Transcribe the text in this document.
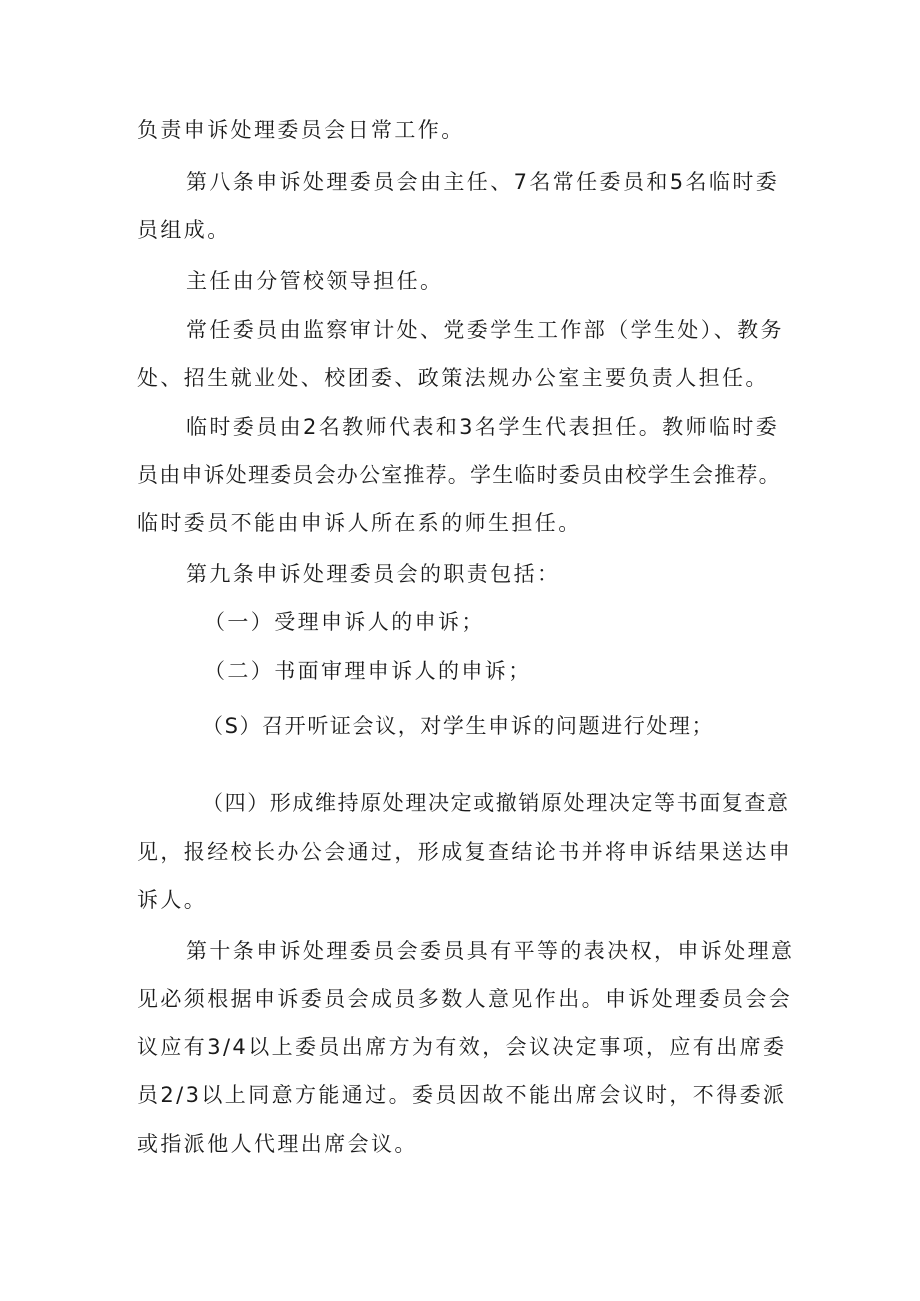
负责申诉处理委员会日常工作。
第八条申诉处理委员会由主任、7名常任委员和5名临时委
员组成。
主任由分管校领导担任。
常任委员由监察审计处、党委学生工作部（学生处）、教务
处、招生就业处、校团委、政策法规办公室主要负责人担任。
临时委员由2名教师代表和3名学生代表担任。教师临时委
员由申诉处理委员会办公室推荐。学生临时委员由校学生会推荐。
临时委员不能由申诉人所在系的师生担任。
第九条申诉处理委员会的职责包括：
（一）受理申诉人的申诉；
（二）书面审理申诉人的申诉；
（S）召开听证会议，对学生申诉的问题进行处理；
（四）形成维持原处理决定或撤销原处理决定等书面复查意
见，报经校长办公会通过，形成复查结论书并将申诉结果送达申
诉人。
第十条申诉处理委员会委员具有平等的表决权，申诉处理意
见必须根据申诉委员会成员多数人意见作出。申诉处理委员会会
议应有3/4以上委员出席方为有效，会议决定事项，应有出席委
员2/3以上同意方能通过。委员因故不能出席会议时，不得委派
或指派他人代理出席会议。
